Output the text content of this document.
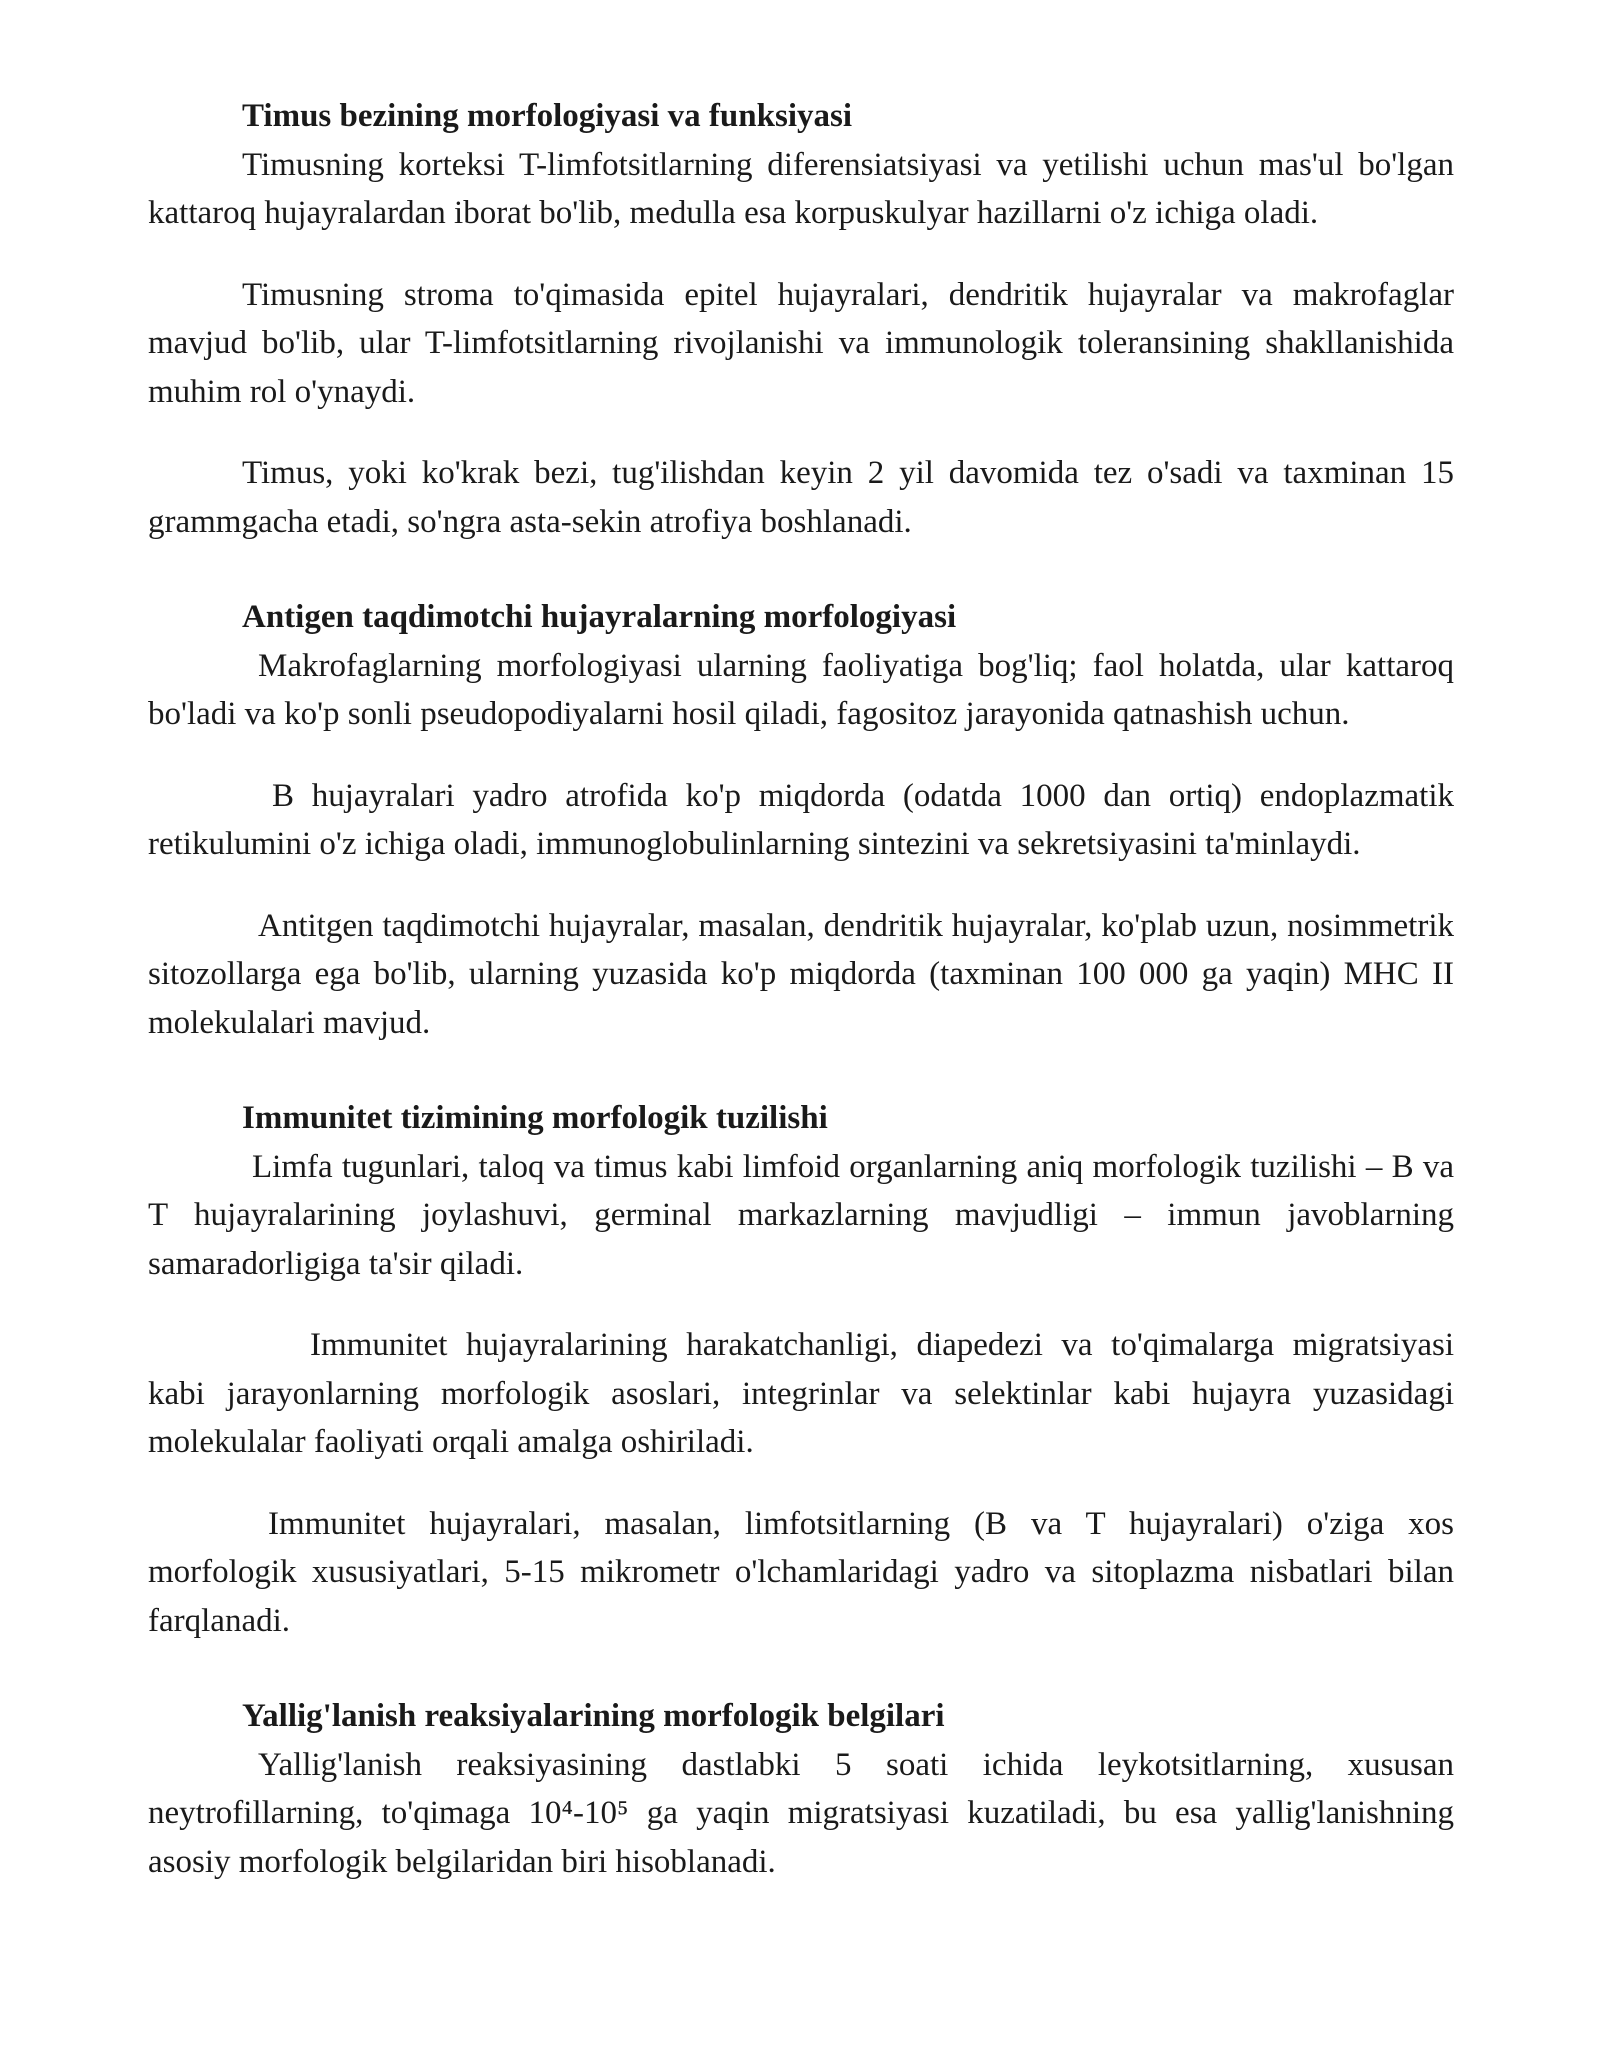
Timus bezining morfologiyasi va funksiyasi

Timusning korteksi T-limfotsitlarning diferensiatsiyasi va yetilishi uchun mas'ul bo'lgan kattaroq hujayralardan iborat bo'lib, medulla esa korpuskulyar hazillarni o'z ichiga oladi.

Timusning stroma to'qimasida epitel hujayralari, dendritik hujayralar va makrofaglar mavjud bo'lib, ular T-limfotsitlarning rivojlanishi va immunologik toleransining shakllanishida muhim rol o'ynaydi.

Timus, yoki ko'krak bezi, tug'ilishdan keyin 2 yil davomida tez o'sadi va taxminan 15 grammgacha etadi, so'ngra asta-sekin atrofiya boshlanadi.

Antigen taqdimotchi hujayralarning morfologiyasi

Makrofaglarning morfologiyasi ularning faoliyatiga bog'liq; faol holatda, ular kattaroq bo'ladi va ko'p sonli pseudopodiyalarni hosil qiladi, fagositoz jarayonida qatnashish uchun.

B hujayralari yadro atrofida ko'p miqdorda (odatda 1000 dan ortiq) endoplazmatik retikulumini o'z ichiga oladi, immunoglobulinlarning sintezini va sekretsiyasini ta'minlaydi.

Antitgen taqdimotchi hujayralar, masalan, dendritik hujayralar, ko'plab uzun, nosimmetrik sitozollarga ega bo'lib, ularning yuzasida ko'p miqdorda (taxminan 100 000 ga yaqin) MHC II molekulalari mavjud.

Immunitet tizimining morfologik tuzilishi

Limfa tugunlari, taloq va timus kabi limfoid organlarning aniq morfologik tuzilishi – B va T hujayralarining joylashuvi, germinal markazlarning mavjudligi – immun javoblarning samaradorligiga ta'sir qiladi.

Immunitet hujayralarining harakatchanligi, diapedezi va to'qimalarga migratsiyasi kabi jarayonlarning morfologik asoslari, integrinlar va selektinlar kabi hujayra yuzasidagi molekulalar faoliyati orqali amalga oshiriladi.

Immunitet hujayralari, masalan, limfotsitlarning (B va T hujayralari) o'ziga xos morfologik xususiyatlari, 5-15 mikrometr o'lchamlaridagi yadro va sitoplazma nisbatlari bilan farqlanadi.

Yallig'lanish reaksiyalarining morfologik belgilari

Yallig'lanish reaksiyasining dastlabki 5 soati ichida leykotsitlarning, xususan neytrofillarning, to'qimaga 10⁴-10⁵ ga yaqin migratsiyasi kuzatiladi, bu esa yallig'lanishning asosiy morfologik belgilaridan biri hisoblanadi.
